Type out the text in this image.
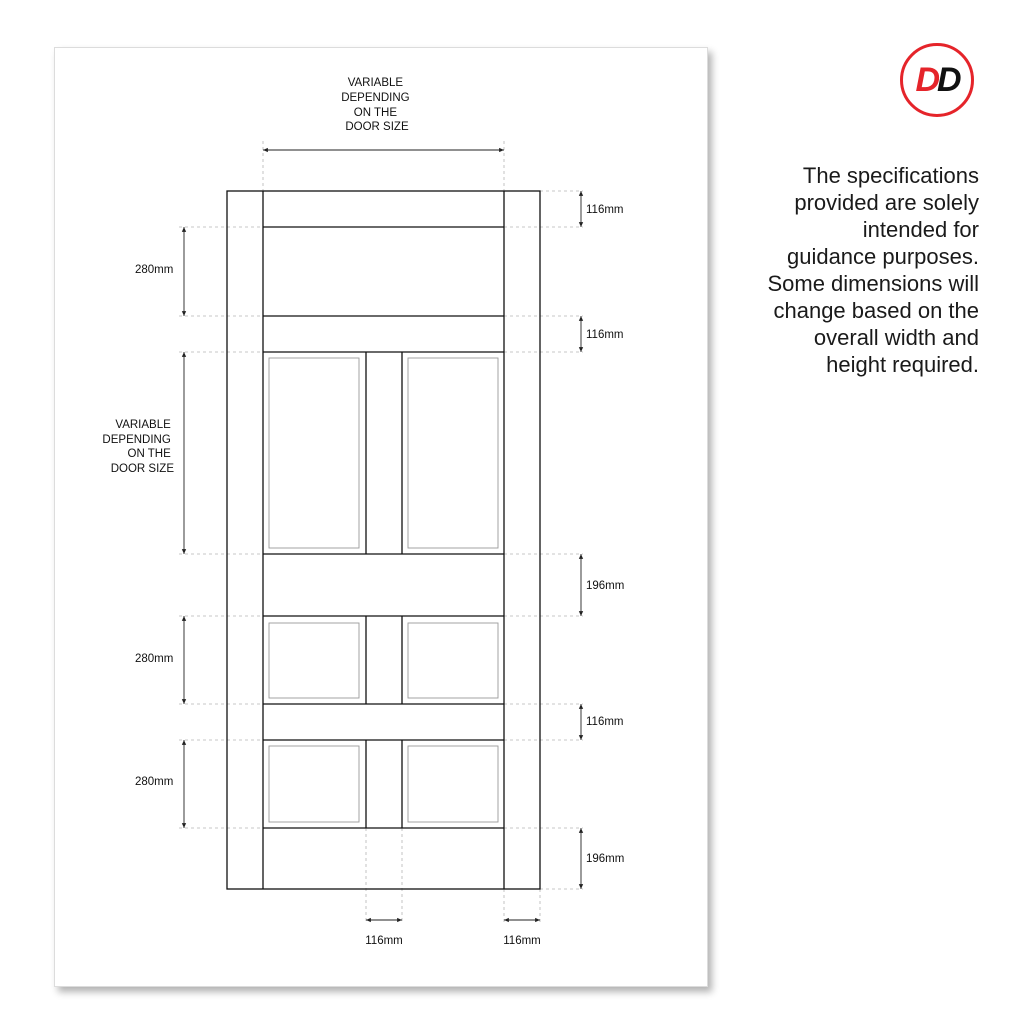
VARIABLE DEPENDING ON THE DOOR SIZE
VARIABLE DEPENDING ON THE DOOR SIZE
116mm
116mm
196mm
116mm
196mm
280mm
280mm
280mm
116mm	116mm
DD
The specifications
provided are solely
intended for
guidance purposes.
Some dimensions will
change based on the
overall width and
height required.
